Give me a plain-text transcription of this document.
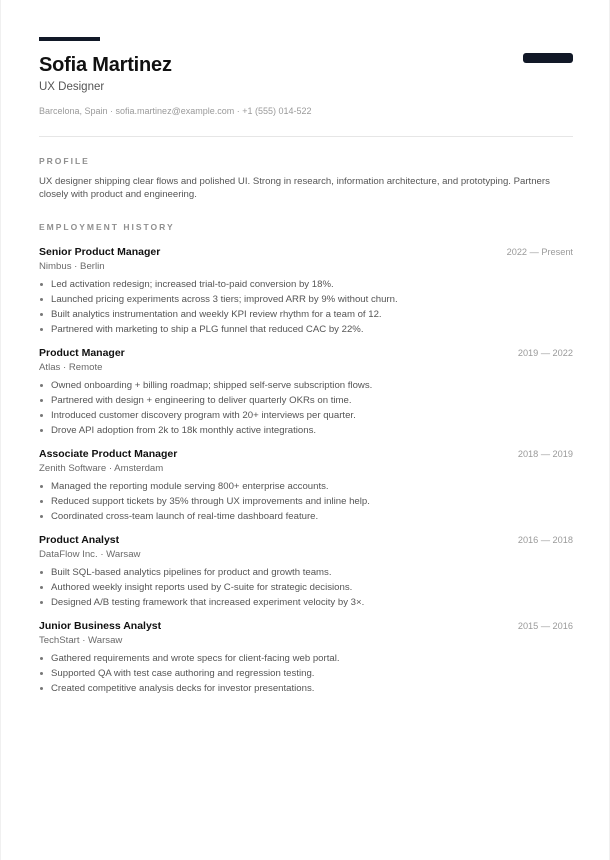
Sofia Martinez
UX Designer
Barcelona, Spain · sofia.martinez@example.com · +1 (555) 014-522
PROFILE

UX designer shipping clear flows and polished UI. Strong in research, information architecture, and prototyping. Partners closely with product and engineering.

EMPLOYMENT HISTORY
Senior Product Manager	2022 — Present
Nimbus · Berlin
Led activation redesign; increased trial-to-paid conversion by 18%.
Launched pricing experiments across 3 tiers; improved ARR by 9% without churn.
Built analytics instrumentation and weekly KPI review rhythm for a team of 12.
Partnered with marketing to ship a PLG funnel that reduced CAC by 22%.
Product Manager	2019 — 2022
Atlas · Remote
Owned onboarding + billing roadmap; shipped self-serve subscription flows.
Partnered with design + engineering to deliver quarterly OKRs on time.
Introduced customer discovery program with 20+ interviews per quarter.
Drove API adoption from 2k to 18k monthly active integrations.
Associate Product Manager	2018 — 2019
Zenith Software · Amsterdam
Managed the reporting module serving 800+ enterprise accounts.
Reduced support tickets by 35% through UX improvements and inline help.
Coordinated cross-team launch of real-time dashboard feature.
Product Analyst	2016 — 2018
DataFlow Inc. · Warsaw
Built SQL-based analytics pipelines for product and growth teams.
Authored weekly insight reports used by C-suite for strategic decisions.
Designed A/B testing framework that increased experiment velocity by 3×.
Junior Business Analyst	2015 — 2016
TechStart · Warsaw
Gathered requirements and wrote specs for client-facing web portal.
Supported QA with test case authoring and regression testing.
Created competitive analysis decks for investor presentations.
